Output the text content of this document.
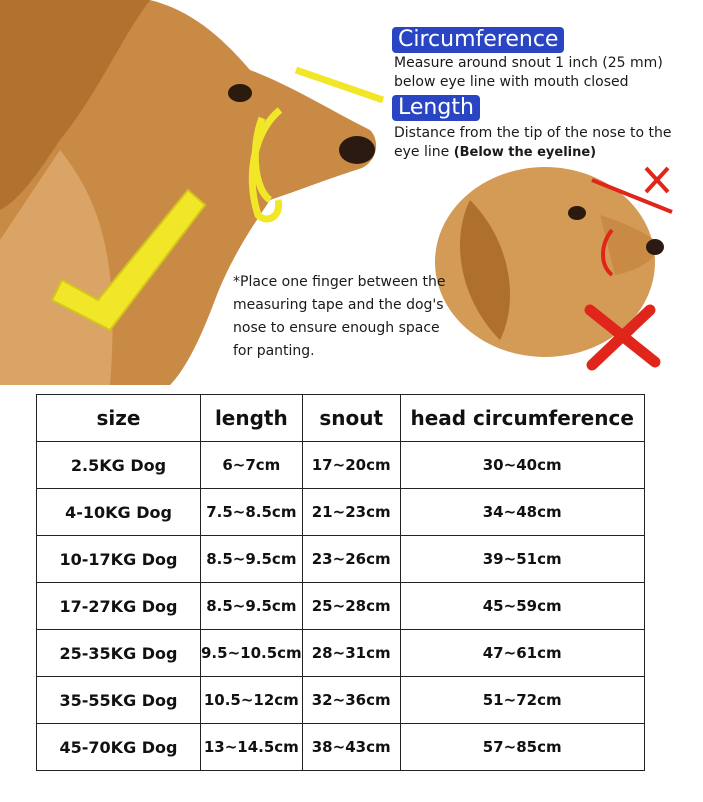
Circumference
Measure around snout 1 inch (25 mm) below eye line with mouth closed
Length
Distance from the tip of the nose to the eye line (Below the eyeline)
*Place one finger between the measuring tape and the dog's nose to ensure enough space for panting.
size	length	snout	head circumference
2.5KG Dog	6~7cm	17~20cm	30~40cm
4-10KG Dog	7.5~8.5cm	21~23cm	34~48cm
10-17KG Dog	8.5~9.5cm	23~26cm	39~51cm
17-27KG Dog	8.5~9.5cm	25~28cm	45~59cm
25-35KG Dog	9.5~10.5cm	28~31cm	47~61cm
35-55KG Dog	10.5~12cm	32~36cm	51~72cm
45-70KG Dog	13~14.5cm	38~43cm	57~85cm
